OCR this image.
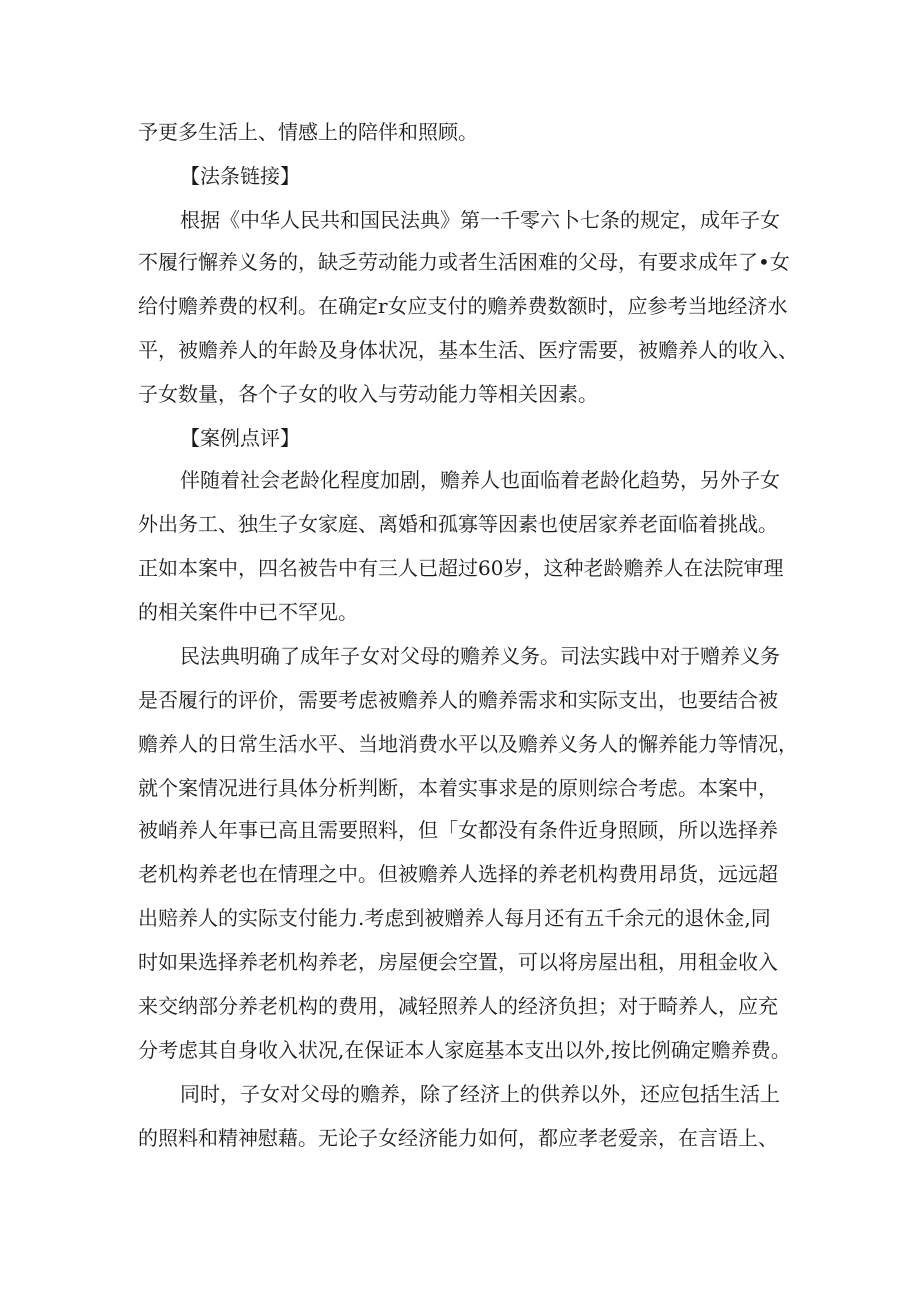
予更多生活上、情感上的陪伴和照顾。
【法条链接】
根据《中华人民共和国民法典》第一千零六卜七条的规定，成年子女
不履行懈养义务的，缺乏劳动能力或者生活困难的父母，有要求成年了•女
给付赡养费的权利。在确定r女应支付的赡养费数额时，应参考当地经济水
平，被赡养人的年龄及身体状况，基本生活、医疗需要，被赡养人的收入、
子女数量，各个子女的收入与劳动能力等相关因素。
【案例点评】
伴随着社会老龄化程度加剧，赡养人也面临着老龄化趋势，另外子女
外出务工、独生子女家庭、离婚和孤寡等因素也使居家养老面临着挑战。
正如本案中，四名被告中有三人已超过60岁，这种老龄赡养人在法院审理
的相关案件中已不罕见。
民法典明确了成年子女对父母的赡养义务。司法实践中对于赠养义务
是否履行的评价，需要考虑被赡养人的赡养需求和实际支出，也要结合被
赡养人的日常生活水平、当地消费水平以及赡养义务人的懈养能力等情况，
就个案情况进行具体分析判断，本着实事求是的原则综合考虑。本案中，
被峭养人年事已高且需要照料，但「女都没有条件近身照顾，所以选择养
老机构养老也在情理之中。但被赡养人选择的养老机构费用昂货，远远超
出赔养人的实际支付能力.考虑到被赠养人每月还有五千余元的退休金,同
时如果选择养老机构养老，房屋便会空置，可以将房屋出租，用租金收入
来交纳部分养老机构的费用，减轻照养人的经济负担；对于畸养人，应充
分考虑其自身收入状况,在保证本人家庭基本支出以外,按比例确定赡养费。
同时，子女对父母的赡养，除了经济上的供养以外，还应包括生活上
的照料和精神慰藉。无论子女经济能力如何，都应孝老爱亲，在言语上、
